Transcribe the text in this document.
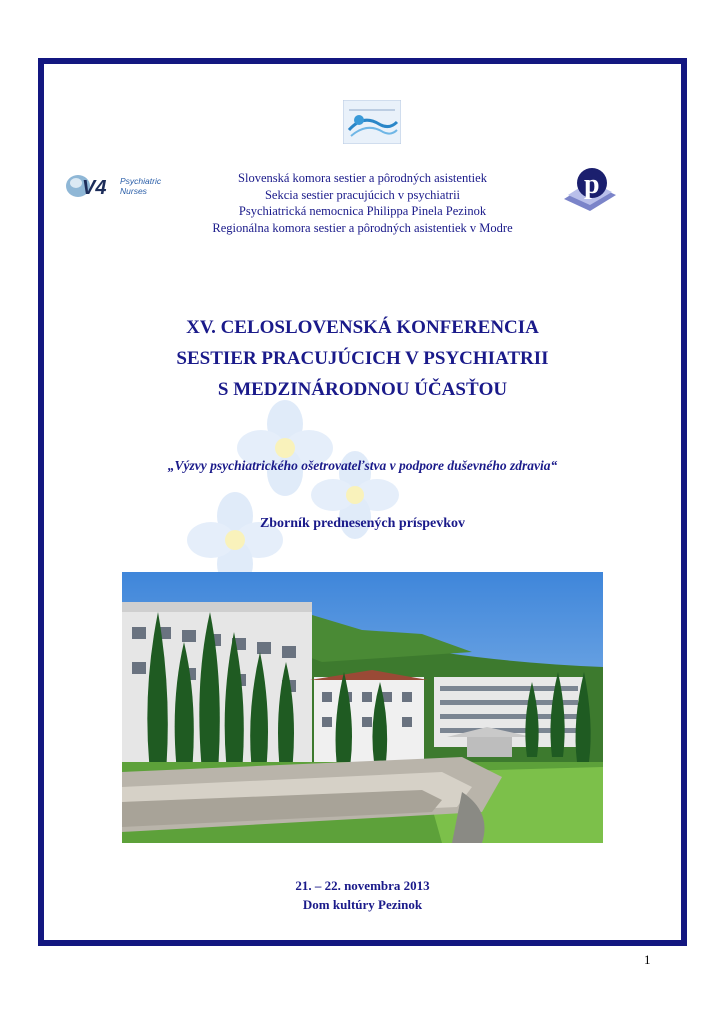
V4 Psychiatric
Nurses	p
Slovenská komora sestier a pôrodných asistentiek
Sekcia sestier pracujúcich v psychiatrii
Psychiatrická nemocnica Philippa Pinela Pezinok
Regionálna komora sestier a pôrodných asistentiek v Modre
XV. CELOSLOVENSKÁ KONFERENCIA
SESTIER PRACUJÚCICH V PSYCHIATRII
S MEDZINÁRODNOU ÚČASŤOU
„Výzvy psychiatrického ošetrovateľstva v podpore duševného zdravia“
Zborník prednesených príspevkov
21. – 22. novembra 2013
Dom kultúry Pezinok
1
